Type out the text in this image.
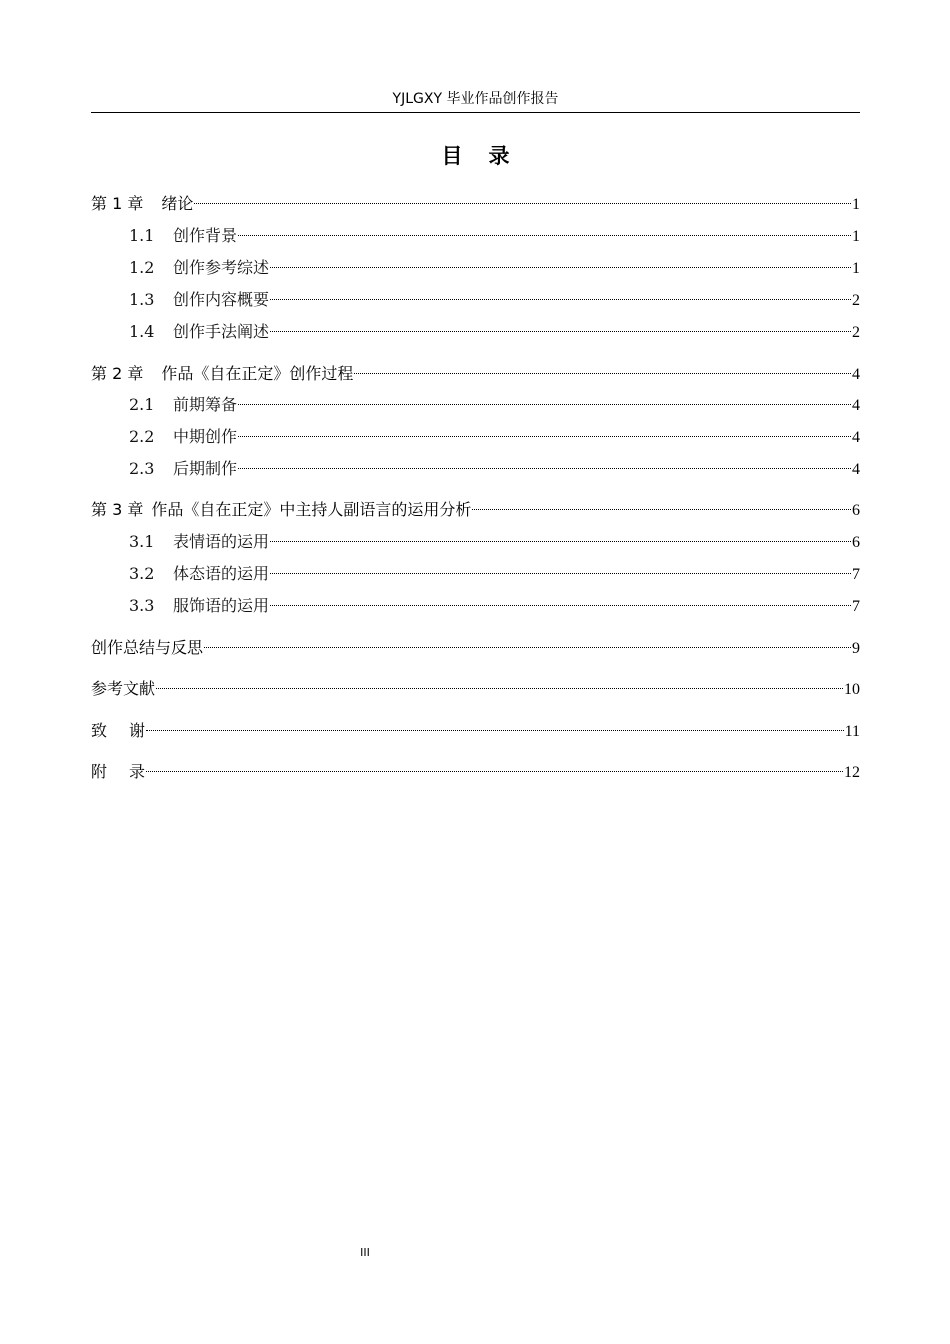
YJLGXY 毕业作品创作报告
目 录
第 1 章 绪论	1
1.1 创作背景	1
1.2 创作参考综述	1
1.3 创作内容概要	2
1.4 创作手法阐述	2
第 2 章 作品《自在正定》创作过程	4
2.1 前期筹备	4
2.2 中期创作	4
2.3 后期制作	4
第 3 章 作品《自在正定》中主持人副语言的运用分析	6
3.1 表情语的运用	6
3.2 体态语的运用	7
3.3 服饰语的运用	7
创作总结与反思	9
参考文献	10
致 谢	11
附 录	12
III
